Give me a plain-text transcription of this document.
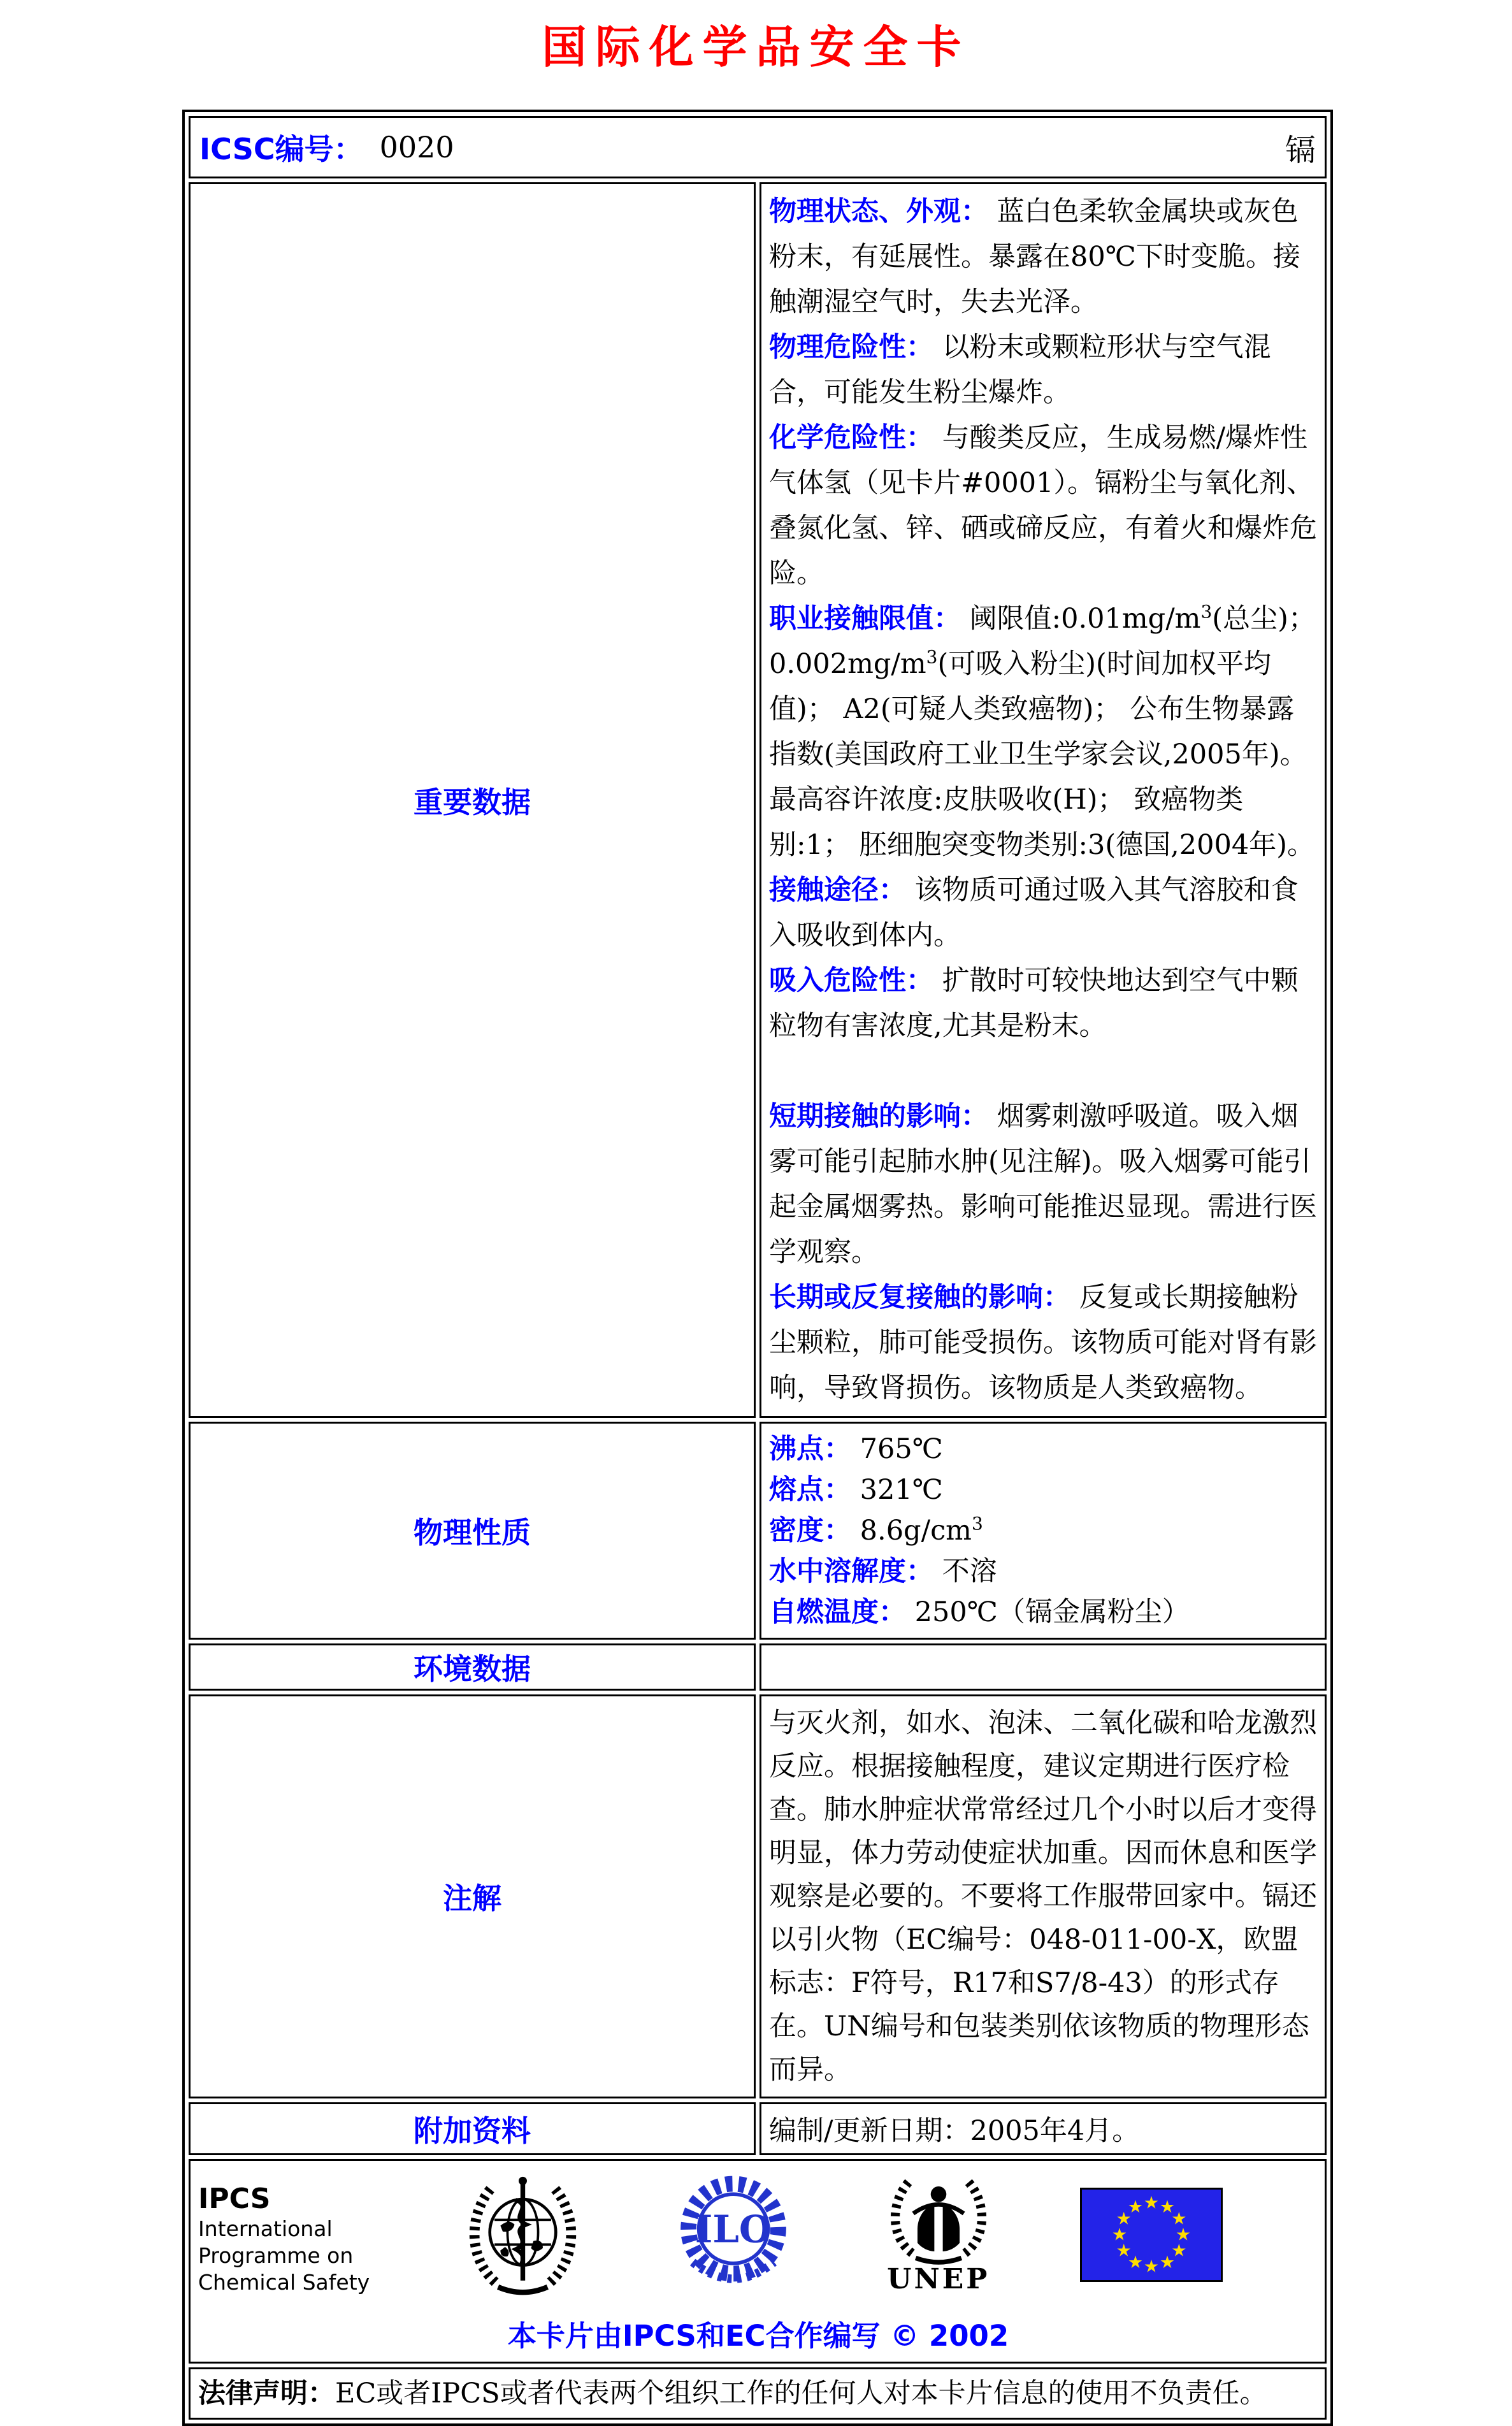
国际化学品安全卡
ICSC编号： 0020 镉	

重要数据	
物理状态、外观： 蓝白色柔软金属块或灰色粉末，有延展性。暴露在80℃下时变脆。接触潮湿空气时，失去光泽。
物理危险性： 以粉末或颗粒形状与空气混合，可能发生粉尘爆炸。
化学危险性： 与酸类反应，生成易燃/爆炸性气体氢（见卡片#0001）。镉粉尘与氧化剂、叠氮化氢、锌、硒或碲反应，有着火和爆炸危险。
职业接触限值： 阈限值$:0.01mg/m^3$(总尘)； $0.002mg/m^3$(可吸入粉尘)(时间加权平均值)； A2(可疑人类致癌物)； 公布生物暴露指数(美国政府工业卫生学家会议,2005年)。最高容许浓度:皮肤吸收(H)； 致癌物类别:1； 胚细胞突变物类别:3(德国,2004年)。
接触途径： 该物质可通过吸入其气溶胶和食入吸收到体内。
吸入危险性： 扩散时可较快地达到空气中颗粒物有害浓度,尤其是粉末。
短期接触的影响： 烟雾刺激呼吸道。吸入烟雾可能引起肺水肿(见注解)。吸入烟雾可能引起金属烟雾热。影响可能推迟显现。需进行医学观察。
长期或反复接触的影响： 反复或长期接触粉尘颗粒，肺可能受损伤。该物质可能对肾有影响，导致肾损伤。该物质是人类致癌物。

物理性质	沸点： 765℃
熔点： 321℃
密度： $8.6g/cm^3$
水中溶解度： 不溶
自燃温度： 250℃（镉金属粉尘）

环境数据	
注解	与灭火剂，如水、泡沫、二氧化碳和哈龙激烈反应。根据接触程度，建议定期进行医疗检查。肺水肿症状常常经过几个小时以后才变得明显，体力劳动使症状加重。因而休息和医学观察是必要的。不要将工作服带回家中。镉还以引火物（EC编号：048-011-00-X，欧盟标志：F符号，R17和S7/8-43）的形式存在。UN编号和包装类别依该物质的物理形态而异。
附加资料	编制/更新日期：2005年4月。

IPCS
International
Programme on
Chemical Safety
ILO
UNEP
本卡片由IPCS和EC合作编写 © 2002

法律声明：EC或者IPCS或者代表两个组织工作的任何人对本卡片信息的使用不负责任。	
